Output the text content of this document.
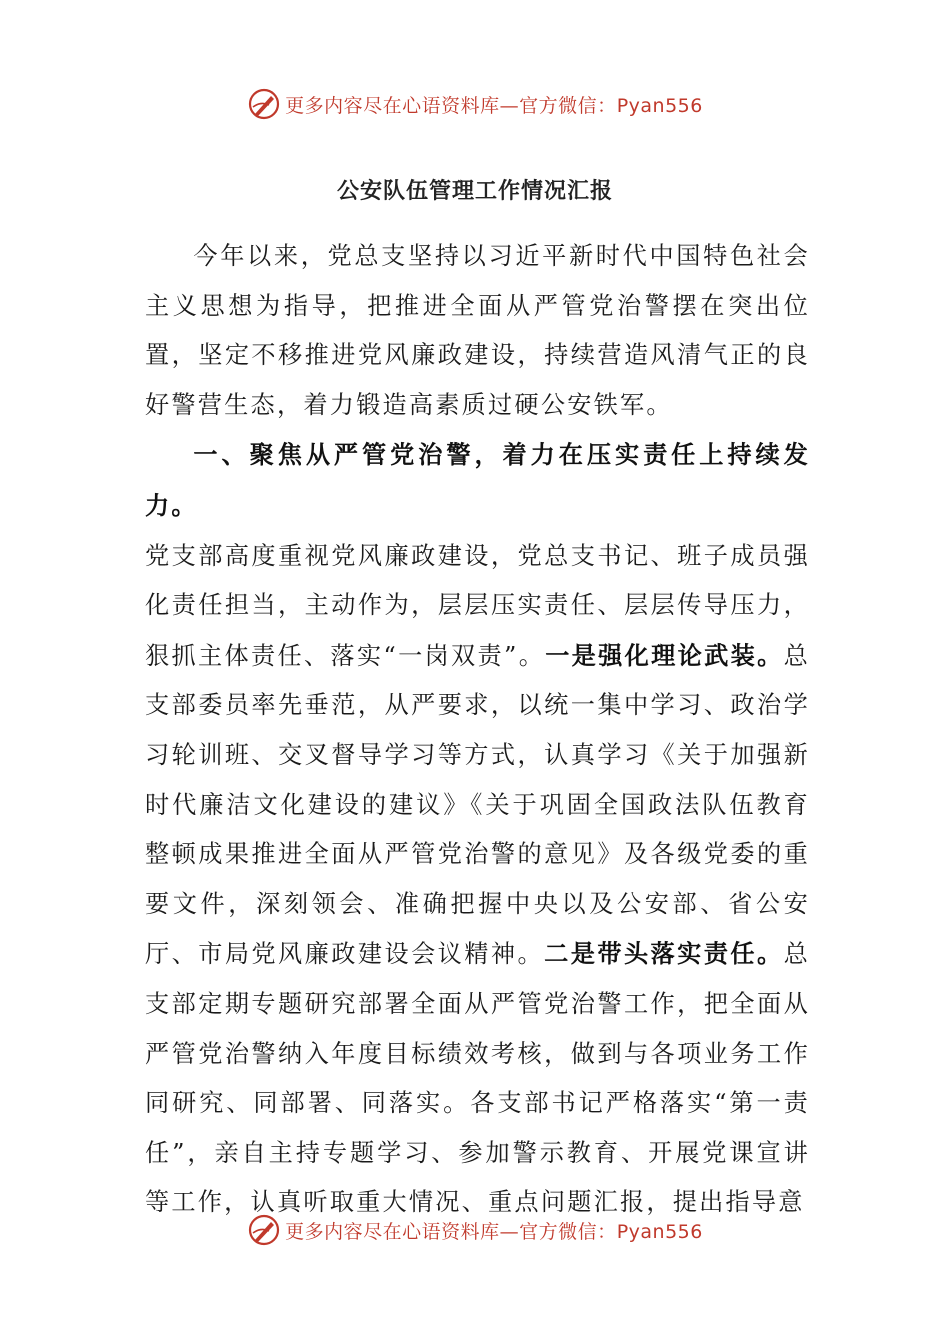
更多内容尽在心语资料库—官方微信：Pyan556
公安队伍管理工作情况汇报

今年以来，党总支坚持以习近平新时代中国特色社会主义思想为指导，把推进全面从严管党治警摆在突出位置，坚定不移推进党风廉政建设，持续营造风清气正的良好警营生态，着力锻造高素质过硬公安铁军。

一、聚焦从严管党治警，着力在压实责任上持续发力。

党支部高度重视党风廉政建设，党总支书记、班子成员强化责任担当，主动作为，层层压实责任、层层传导压力，狠抓主体责任、落实“一岗双责”。一是强化理论武装。总支部委员率先垂范，从严要求，以统一集中学习、政治学习轮训班、交叉督导学习等方式，认真学习《关于加强新时代廉洁文化建设的建议》《关于巩固全国政法队伍教育整顿成果推进全面从严管党治警的意见》及各级党委的重要文件，深刻领会、准确把握中央以及公安部、省公安厅、市局党风廉政建设会议精神。二是带头落实责任。总支部定期专题研究部署全面从严管党治警工作，把全面从严管党治警纳入年度目标绩效考核，做到与各项业务工作同研究、同部署、同落实。各支部书记严格落实“第一责任”，亲自主持专题学习、参加警示教育、开展党课宣讲等工作，认真听取重大情况、重点问题汇报，提出指导意

更多内容尽在心语资料库—官方微信：Pyan556
